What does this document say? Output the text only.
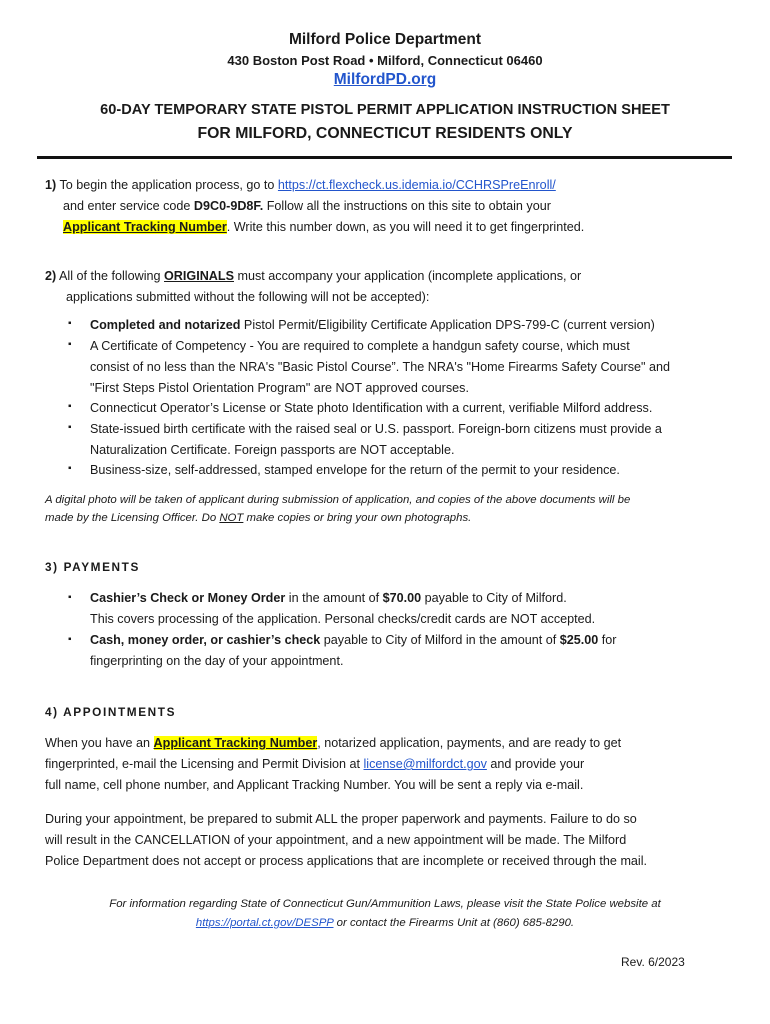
Milford Police Department
430 Boston Post Road • Milford, Connecticut 06460
MilfordPD.org
60-DAY TEMPORARY STATE PISTOL PERMIT APPLICATION INSTRUCTION SHEET
FOR MILFORD, CONNECTICUT RESIDENTS ONLY
1) To begin the application process, go to https://ct.flexcheck.us.idemia.io/CCHRSPreEnroll/
and enter service code D9C0-9D8F. Follow all the instructions on this site to obtain your
Applicant Tracking Number. Write this number down, as you will need it to get fingerprinted.
2) All of the following ORIGINALS must accompany your application (incomplete applications, or
applications submitted without the following will not be accepted):
▪ Completed and notarized Pistol Permit/Eligibility Certificate Application DPS-799-C (current version)
▪ A Certificate of Competency - You are required to complete a handgun safety course, which must
consist of no less than the NRA's "Basic Pistol Course”. The NRA's "Home Firearms Safety Course" and
"First Steps Pistol Orientation Program" are NOT approved courses.
▪ Connecticut Operator’s License or State photo Identification with a current, verifiable Milford address.
▪ State-issued birth certificate with the raised seal or U.S. passport. Foreign-born citizens must provide a
Naturalization Certificate. Foreign passports are NOT acceptable.
▪ Business-size, self-addressed, stamped envelope for the return of the permit to your residence.
A digital photo will be taken of applicant during submission of application, and copies of the above documents will be
made by the Licensing Officer. Do NOT make copies or bring your own photographs.
3) PAYMENTS
▪ Cashier’s Check or Money Order in the amount of $70.00 payable to City of Milford.
This covers processing of the application. Personal checks/credit cards are NOT accepted.
▪ Cash, money order, or cashier’s check payable to City of Milford in the amount of $25.00 for
fingerprinting on the day of your appointment.
4) APPOINTMENTS
When you have an Applicant Tracking Number, notarized application, payments, and are ready to get
fingerprinted, e-mail the Licensing and Permit Division at license@milfordct.gov and provide your
full name, cell phone number, and Applicant Tracking Number. You will be sent a reply via e-mail.
During your appointment, be prepared to submit ALL the proper paperwork and payments. Failure to do so
will result in the CANCELLATION of your appointment, and a new appointment will be made. The Milford
Police Department does not accept or process applications that are incomplete or received through the mail.
For information regarding State of Connecticut Gun/Ammunition Laws, please visit the State Police website at
https://portal.ct.gov/DESPP or contact the Firearms Unit at (860) 685-8290.
Rev. 6/2023
